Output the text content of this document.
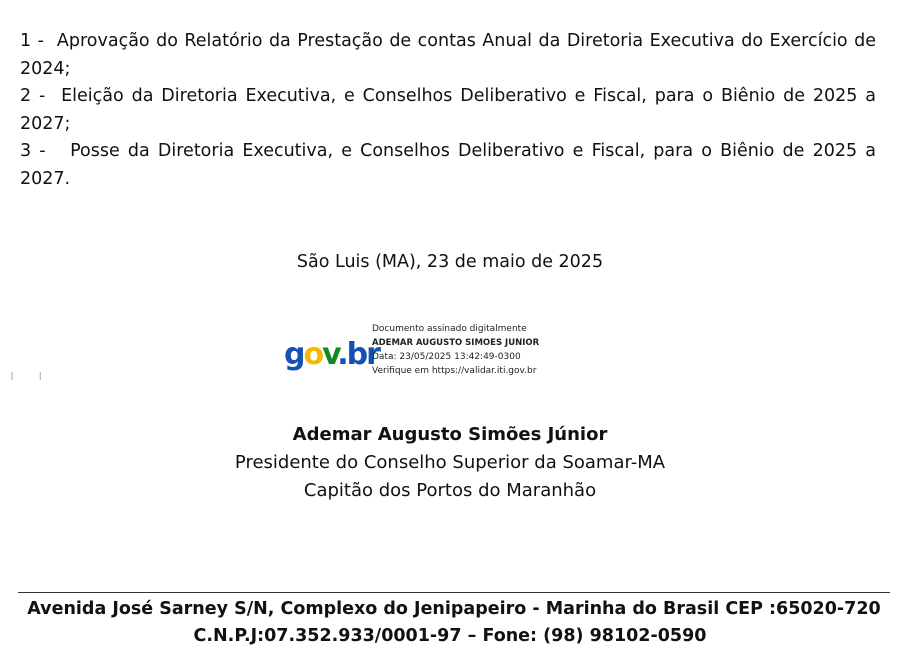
1 -  Aprovação do Relatório da Prestação de contas Anual da Diretoria Executiva do Exercício de 2024;
2 -  Eleição da Diretoria Executiva, e Conselhos Deliberativo e Fiscal, para o Biênio de 2025 a 2027;
3 -   Posse da Diretoria Executiva, e Conselhos Deliberativo e Fiscal, para o Biênio de 2025 a 2027.
São Luis (MA), 23 de maio de 2025
ı ı
gov.br
Documento assinado digitalmente
ADEMAR AUGUSTO SIMOES JUNIOR
Data: 23/05/2025 13:42:49-0300
Verifique em https://validar.iti.gov.br
Ademar Augusto Simões Júnior
Presidente do Conselho Superior da Soamar-MA
Capitão dos Portos do Maranhão
Avenida José Sarney S/N, Complexo do Jenipapeiro - Marinha do Brasil CEP :65020-720
C.N.P.J:07.352.933/0001-97 – Fone: (98) 98102-0590
